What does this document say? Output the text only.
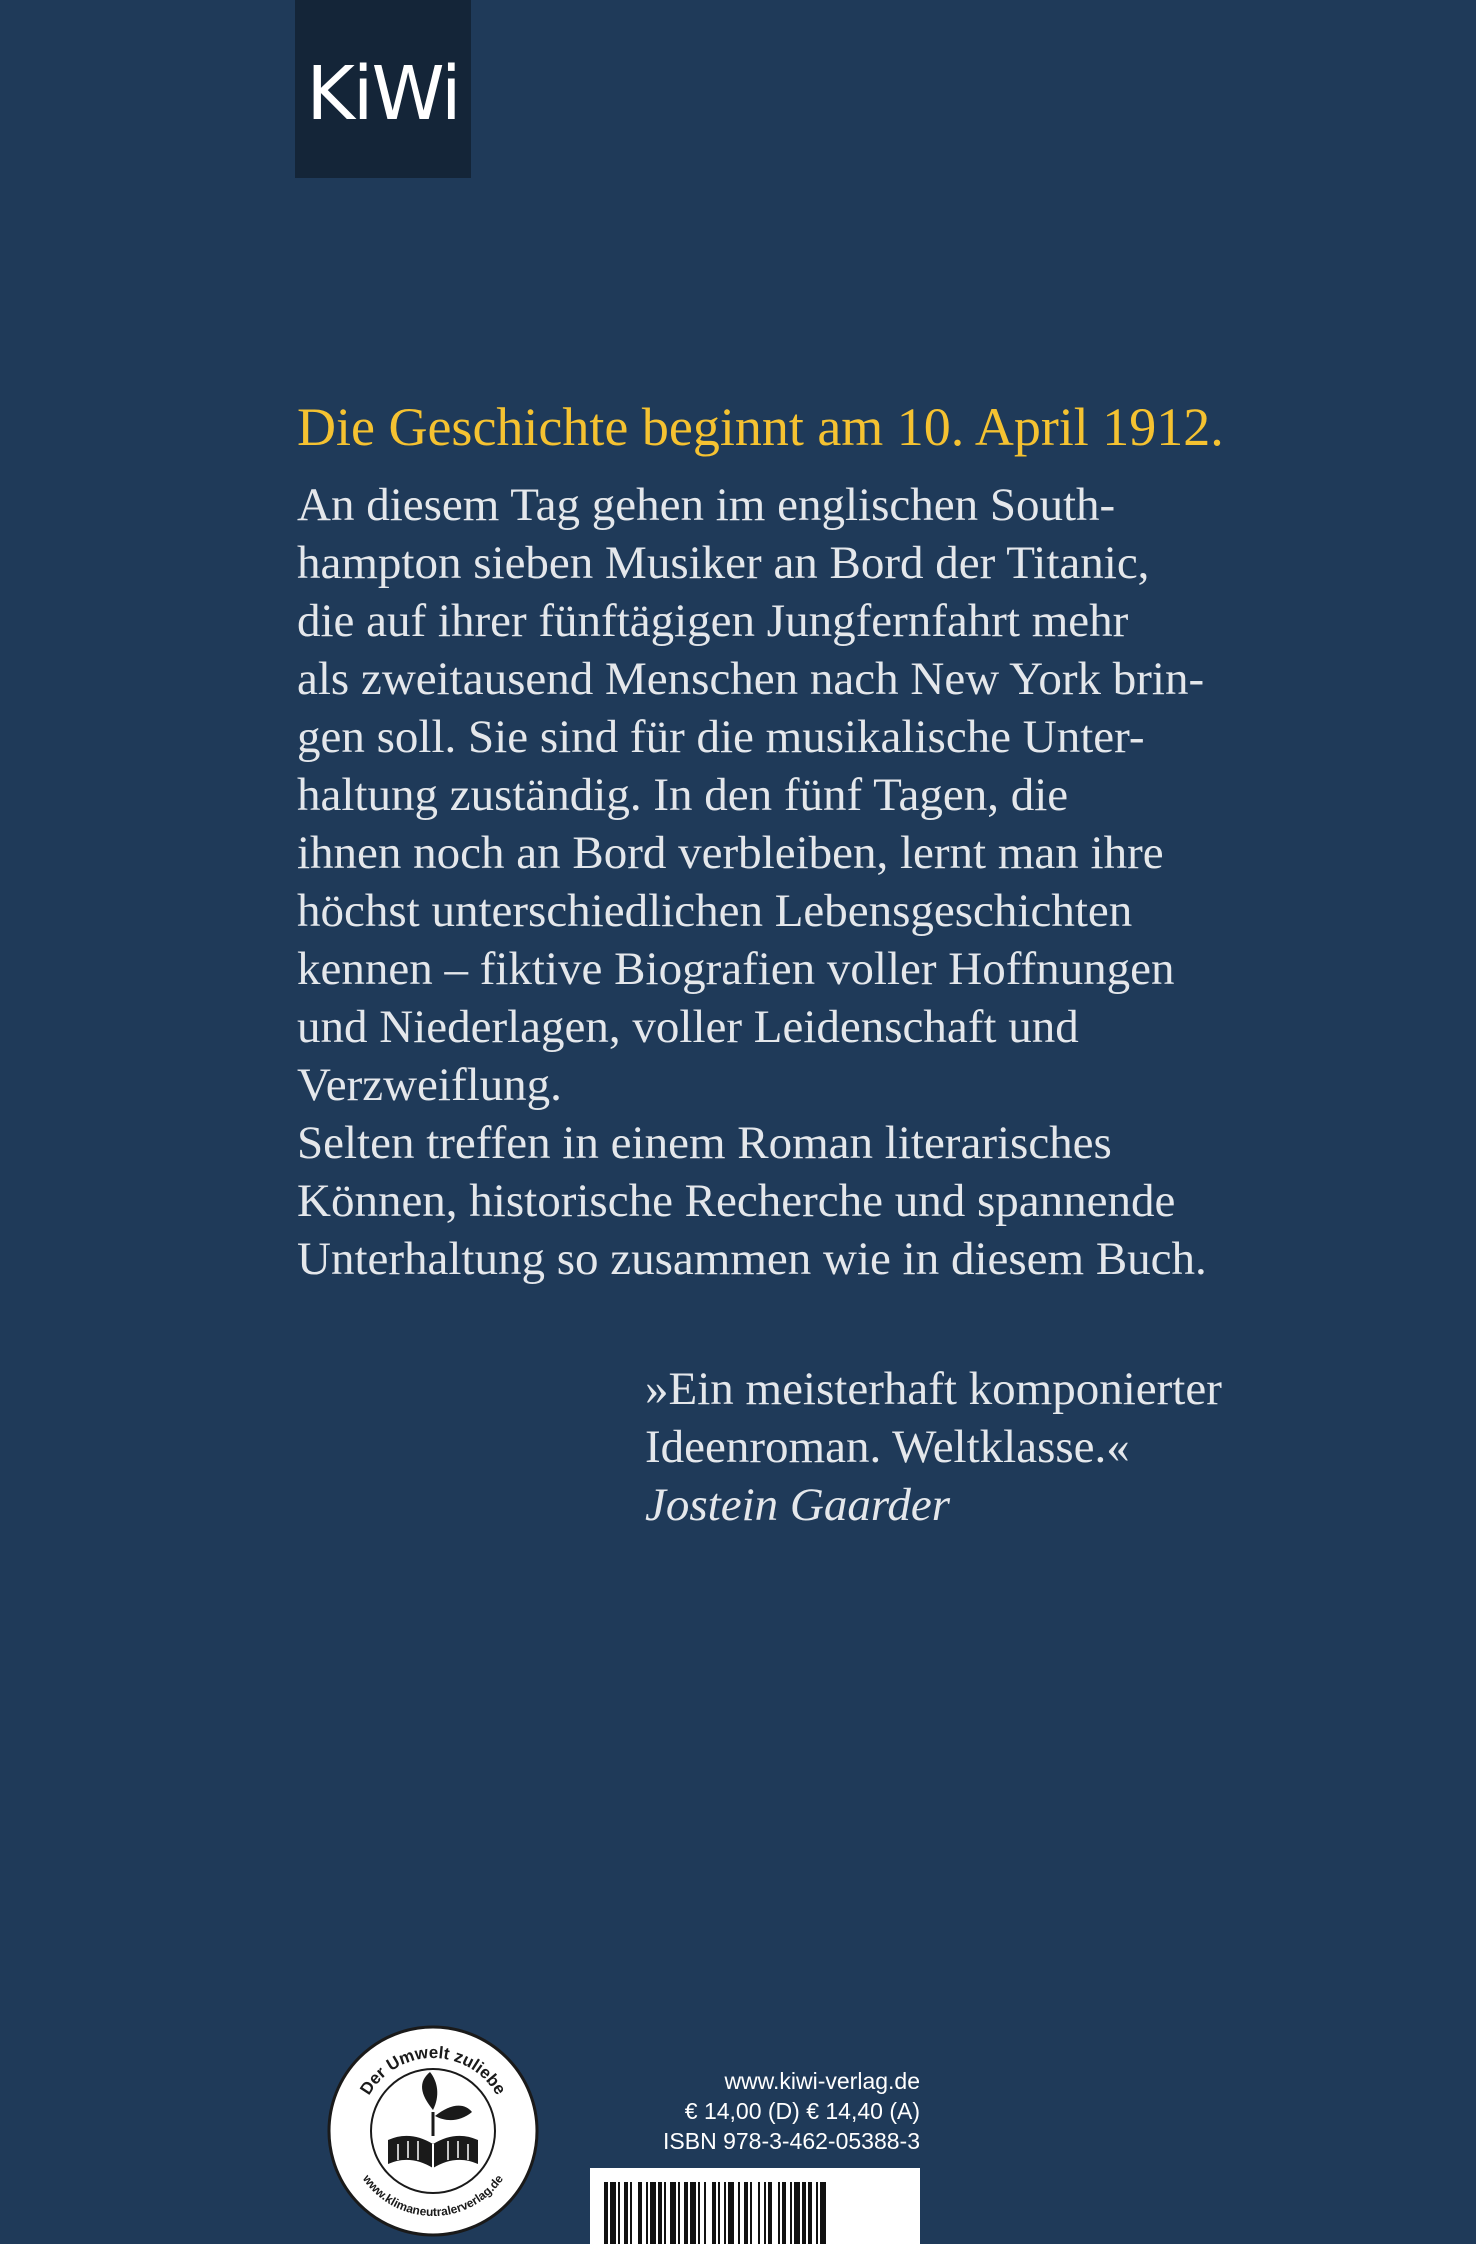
KiWi
Die Geschichte beginnt am 10. April 1912.
An diesem Tag gehen im englischen South-
hampton sieben Musiker an Bord der Titanic,
die auf ihrer fünftägigen Jungfernfahrt mehr
als zweitausend Menschen nach New York brin-
gen soll. Sie sind für die musikalische Unter-
haltung zuständig. In den fünf Tagen, die
ihnen noch an Bord verbleiben, lernt man ihre
höchst unterschiedlichen Lebensgeschichten
kennen – fiktive Biografien voller Hoffnungen
und Niederlagen, voller Leidenschaft und
Verzweiflung.
Selten treffen in einem Roman literarisches
Können, historische Recherche und spannende
Unterhaltung so zusammen wie in diesem Buch.
»Ein meisterhaft komponierter
Ideenroman. Weltklasse.«
Jostein Gaarder
Der Umwelt zuliebe
www.klimaneutralerverlag.de
www.kiwi-verlag.de
€ 14,00 (D) € 14,40 (A)
ISBN 978-3-462-05388-3
